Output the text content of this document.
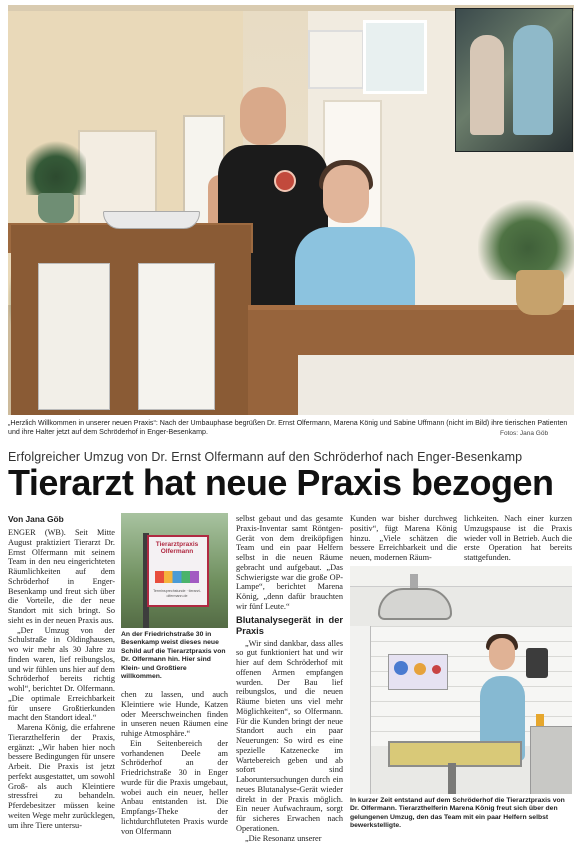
„Herzlich Willkommen in unserer neuen Praxis“: Nach der Umbauphase begrüßen Dr. Ernst Olfermann, Marena König und Sabine Uffmann (nicht im Bild) ihre tierischen Patienten und ihre Halter jetzt auf dem Schröderhof in Enger-Besenkamp.	Fotos: Jana Göb
Erfolgreicher Umzug von Dr. Ernst Olfermann auf den Schröderhof nach Enger-Besenkamp
Tierarzt hat neue Praxis bezogen
Von Jana Göb

ENGER (WB). Seit Mitte August praktiziert Tierarzt Dr. Ernst Olfermann mit seinem Team in den neu eingerichteten Räumlichkeiten auf dem Schröderhof in Enger-Besenkamp und freut sich über die Vorteile, die der neue Standort mit sich bringt. So sieht es in der neuen Praxis aus.

„Der Umzug von der Schulstraße in Oldinghausen, wo wir mehr als 30 Jahre zu finden waren, lief reibungslos, und wir fühlen uns hier auf dem Schröderhof bereits richtig wohl“, berichtet Dr. Olfermann. „Die optimale Erreichbarkeit für unsere Großtierkunden macht den Standort ideal.“

Marena König, die erfahrene Tierarzthelferin der Praxis, ergänzt: „Wir haben hier noch bessere Bedingungen für unsere Arbeit. Die Praxis ist jetzt perfekt ausgestattet, um sowohl Groß- als auch Kleintiere stressfrei zu behandeln. Pferdebesitzer müssen keine weiten Wege mehr zurücklegen, um ihre Tiere untersu-

Tierarztpraxis Olfermann
Terminsprechstunde · tierarzt-olfermann.de
An der Friedrichstraße 30 in Besenkamp weist dieses neue Schild auf die Tierarztpraxis von Dr. Olfermann hin. Hier sind Klein- und Großtiere willkommen.

chen zu lassen, und auch Kleintiere wie Hunde, Katzen oder Meerschweinchen finden in unseren neuen Räumen eine ruhige Atmosphäre.“

Ein Seitenbereich der vorhandenen Deele am Schröderhof an der Friedrichstraße 30 in Enger wurde für die Praxis umgebaut, wobei auch ein neuer, heller Anbau entstanden ist. Die Empfangs-Theke der lichtdurchfluteten Praxis wurde von Olfermann

selbst gebaut und das gesamte Praxis-Inventar samt Röntgen-Gerät von dem dreiköpfigen Team und ein paar Helfern selbst in die neuen Räume gebracht und aufgebaut. „Das Schwierigste war die große OP-Lampe“, berichtet Marena König, „denn dafür brauchten wir fünf Leute.“

Blutanalysegerät in der Praxis

„Wir sind dankbar, dass alles so gut funktioniert hat und wir hier auf dem Schröderhof mit offenen Armen empfangen wurden. Der Bau lief reibungslos, und die neuen Räume bieten uns viel mehr Möglichkeiten“, so Olfermann. Für die Kunden bringt der neue Standort auch ein paar Neuerungen: So wird es eine spezielle Katzenecke im Wartebereich geben und ab sofort sind Laboruntersuchungen durch ein neues Blutanalyse-Gerät wieder direkt in der Praxis möglich. Ein neuer Aufwachraum, sorgt für sicheres Erwachen nach Operationen.

„Die Resonanz unserer

Kunden war bisher durchweg positiv“, fügt Marena König hinzu. „Viele schätzen die bessere Erreichbarkeit und die neuen, modernen Räum-

lichkeiten. Nach einer kurzen Umzugspause ist die Praxis wieder voll in Betrieb. Auch die erste Operation hat bereits stattgefunden.

In kurzer Zeit entstand auf dem Schröderhof die Tierarztpraxis von Dr. Olfermann. Tierarzthelferin Marena König freut sich über den gelungenen Umzug, den das Team mit ein paar Helfern selbst bewerkstelligte.
